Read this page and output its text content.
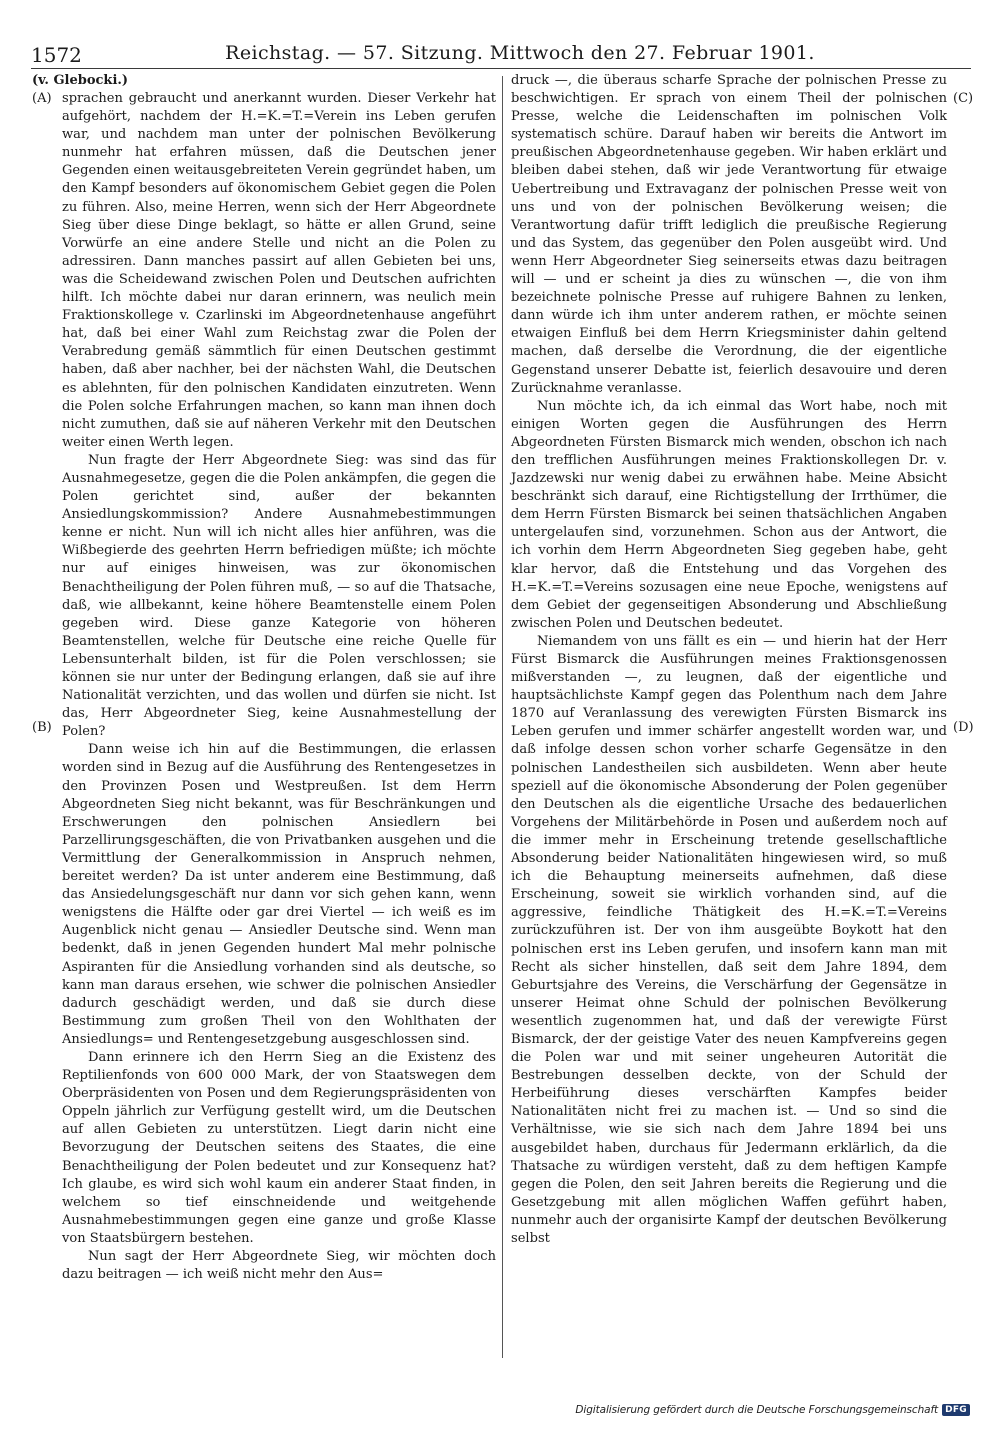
1572	Reichstag. — 57. Sitzung. Mittwoch den 27. Februar 1901.
(A)
(B)
(C)
(D)
(v. Glebocki.)

sprachen gebraucht und anerkannt wurden. Dieser Verkehr hat aufgehört, nachdem der H.=K.=T.=Verein ins Leben gerufen war, und nachdem man unter der polnischen Bevölkerung nunmehr hat erfahren müssen, daß die Deutschen jener Gegenden einen weitausgebreiteten Verein gegründet haben, um den Kampf besonders auf ökonomischem Gebiet gegen die Polen zu führen. Also, meine Herren, wenn sich der Herr Abgeordnete Sieg über diese Dinge beklagt, so hätte er allen Grund, seine Vorwürfe an eine andere Stelle und nicht an die Polen zu adressiren. Dann manches passirt auf allen Gebieten bei uns, was die Scheidewand zwischen Polen und Deutschen aufrichten hilft. Ich möchte dabei nur daran erinnern, was neulich mein Fraktionskollege v. Czarlinski im Abgeordnetenhause angeführt hat, daß bei einer Wahl zum Reichstag zwar die Polen der Verabredung gemäß sämmtlich für einen Deutschen gestimmt haben, daß aber nachher, bei der nächsten Wahl, die Deutschen es ablehnten, für den polnischen Kandidaten einzutreten. Wenn die Polen solche Erfahrungen machen, so kann man ihnen doch nicht zumuthen, daß sie auf näheren Verkehr mit den Deutschen weiter einen Werth legen.

Nun fragte der Herr Abgeordnete Sieg: was sind das für Ausnahmegesetze, gegen die die Polen ankämpfen, die gegen die Polen gerichtet sind, außer der bekannten Ansiedlungskommission? Andere Ausnahmebestimmungen kenne er nicht. Nun will ich nicht alles hier anführen, was die Wißbegierde des geehrten Herrn befriedigen müßte; ich möchte nur auf einiges hinweisen, was zur ökonomischen Benachtheiligung der Polen führen muß, — so auf die Thatsache, daß, wie allbekannt, keine höhere Beamtenstelle einem Polen gegeben wird. Diese ganze Kategorie von höheren Beamtenstellen, welche für Deutsche eine reiche Quelle für Lebensunterhalt bilden, ist für die Polen verschlossen; sie können sie nur unter der Bedingung erlangen, daß sie auf ihre Nationalität verzichten, und das wollen und dürfen sie nicht. Ist das, Herr Abgeordneter Sieg, keine Ausnahmestellung der Polen?

Dann weise ich hin auf die Bestimmungen, die erlassen worden sind in Bezug auf die Ausführung des Rentengesetzes in den Provinzen Posen und Westpreußen. Ist dem Herrn Abgeordneten Sieg nicht bekannt, was für Beschränkungen und Erschwerungen den polnischen Ansiedlern bei Parzellirungsgeschäften, die von Privatbanken ausgehen und die Vermittlung der Generalkommission in Anspruch nehmen, bereitet werden? Da ist unter anderem eine Bestimmung, daß das Ansiedelungsgeschäft nur dann vor sich gehen kann, wenn wenigstens die Hälfte oder gar drei Viertel — ich weiß es im Augenblick nicht genau — Ansiedler Deutsche sind. Wenn man bedenkt, daß in jenen Gegenden hundert Mal mehr polnische Aspiranten für die Ansiedlung vorhanden sind als deutsche, so kann man daraus ersehen, wie schwer die polnischen Ansiedler dadurch geschädigt werden, und daß sie durch diese Bestimmung zum großen Theil von den Wohlthaten der Ansiedlungs= und Rentengesetzgebung ausgeschlossen sind.

Dann erinnere ich den Herrn Sieg an die Existenz des Reptilienfonds von 600 000 Mark, der von Staatswegen dem Oberpräsidenten von Posen und dem Regierungspräsidenten von Oppeln jährlich zur Verfügung gestellt wird, um die Deutschen auf allen Gebieten zu unterstützen. Liegt darin nicht eine Bevorzugung der Deutschen seitens des Staates, die eine Benachtheiligung der Polen bedeutet und zur Konsequenz hat? Ich glaube, es wird sich wohl kaum ein anderer Staat finden, in welchem so tief einschneidende und weitgehende Ausnahmebestimmungen gegen eine ganze und große Klasse von Staatsbürgern bestehen.

Nun sagt der Herr Abgeordnete Sieg, wir möchten doch dazu beitragen — ich weiß nicht mehr den Aus=

druck —, die überaus scharfe Sprache der polnischen Presse zu beschwichtigen. Er sprach von einem Theil der polnischen Presse, welche die Leidenschaften im polnischen Volk systematisch schüre. Darauf haben wir bereits die Antwort im preußischen Abgeordnetenhause gegeben. Wir haben erklärt und bleiben dabei stehen, daß wir jede Verantwortung für etwaige Uebertreibung und Extravaganz der polnischen Presse weit von uns und von der polnischen Bevölkerung weisen; die Verantwortung dafür trifft lediglich die preußische Regierung und das System, das gegenüber den Polen ausgeübt wird. Und wenn Herr Abgeordneter Sieg seinerseits etwas dazu beitragen will — und er scheint ja dies zu wünschen —, die von ihm bezeichnete polnische Presse auf ruhigere Bahnen zu lenken, dann würde ich ihm unter anderem rathen, er möchte seinen etwaigen Einfluß bei dem Herrn Kriegsminister dahin geltend machen, daß derselbe die Verordnung, die der eigentliche Gegenstand unserer Debatte ist, feierlich desavouire und deren Zurücknahme veranlasse.

Nun möchte ich, da ich einmal das Wort habe, noch mit einigen Worten gegen die Ausführungen des Herrn Abgeordneten Fürsten Bismarck mich wenden, obschon ich nach den trefflichen Ausführungen meines Fraktionskollegen Dr. v. Jazdzewski nur wenig dabei zu erwähnen habe. Meine Absicht beschränkt sich darauf, eine Richtigstellung der Irrthümer, die dem Herrn Fürsten Bismarck bei seinen thatsächlichen Angaben untergelaufen sind, vorzunehmen. Schon aus der Antwort, die ich vorhin dem Herrn Abgeordneten Sieg gegeben habe, geht klar hervor, daß die Entstehung und das Vorgehen des H.=K.=T.=Vereins sozusagen eine neue Epoche, wenigstens auf dem Gebiet der gegenseitigen Absonderung und Abschließung zwischen Polen und Deutschen bedeutet.

Niemandem von uns fällt es ein — und hierin hat der Herr Fürst Bismarck die Ausführungen meines Fraktionsgenossen mißverstanden —, zu leugnen, daß der eigentliche und hauptsächlichste Kampf gegen das Polenthum nach dem Jahre 1870 auf Veranlassung des verewigten Fürsten Bismarck ins Leben gerufen und immer schärfer angestellt worden war, und daß infolge dessen schon vorher scharfe Gegensätze in den polnischen Landestheilen sich ausbildeten. Wenn aber heute speziell auf die ökonomische Absonderung der Polen gegenüber den Deutschen als die eigentliche Ursache des bedauerlichen Vorgehens der Militärbehörde in Posen und außerdem noch auf die immer mehr in Erscheinung tretende gesellschaftliche Absonderung beider Nationalitäten hingewiesen wird, so muß ich die Behauptung meinerseits aufnehmen, daß diese Erscheinung, soweit sie wirklich vorhanden sind, auf die aggressive, feindliche Thätigkeit des H.=K.=T.=Vereins zurückzuführen ist. Der von ihm ausgeübte Boykott hat den polnischen erst ins Leben gerufen, und insofern kann man mit Recht als sicher hinstellen, daß seit dem Jahre 1894, dem Geburtsjahre des Vereins, die Verschärfung der Gegensätze in unserer Heimat ohne Schuld der polnischen Bevölkerung wesentlich zugenommen hat, und daß der verewigte Fürst Bismarck, der der geistige Vater des neuen Kampfvereins gegen die Polen war und mit seiner ungeheuren Autorität die Bestrebungen desselben deckte, von der Schuld der Herbeiführung dieses verschärften Kampfes beider Nationalitäten nicht frei zu machen ist. — Und so sind die Verhältnisse, wie sie sich nach dem Jahre 1894 bei uns ausgebildet haben, durchaus für Jedermann erklärlich, da die Thatsache zu würdigen versteht, daß zu dem heftigen Kampfe gegen die Polen, den seit Jahren bereits die Regierung und die Gesetzgebung mit allen möglichen Waffen geführt haben, nunmehr auch der organisirte Kampf der deutschen Bevölkerung selbst

Digitalisierung gefördert durch die Deutsche Forschungsgemeinschaft DFG
